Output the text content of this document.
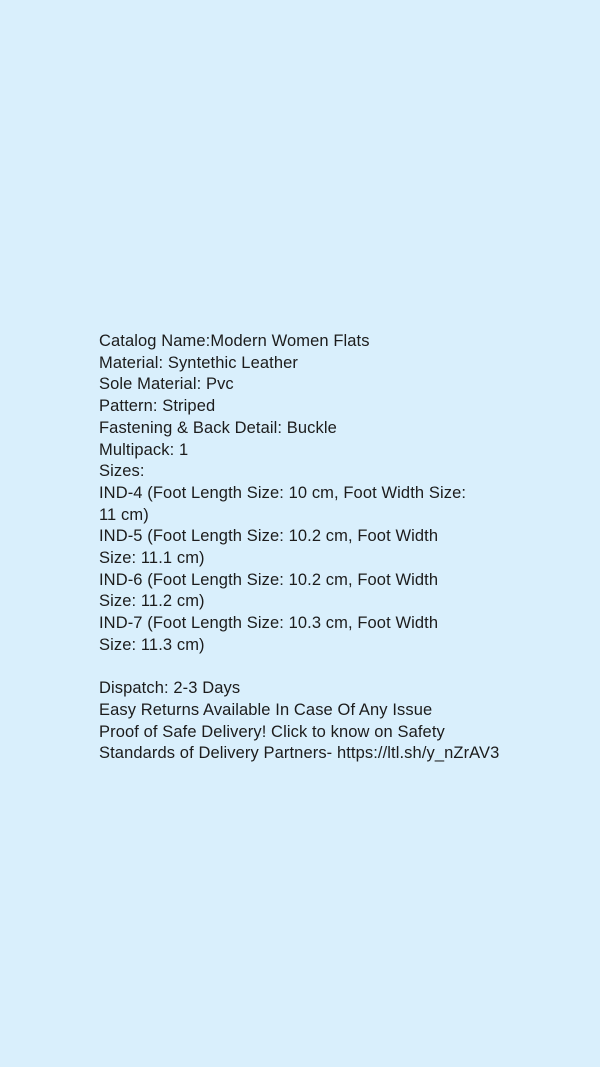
Catalog Name:Modern Women Flats
Material: Syntethic Leather
Sole Material: Pvc
Pattern: Striped
Fastening & Back Detail: Buckle
Multipack: 1
Sizes:
IND-4 (Foot Length Size: 10 cm, Foot Width Size:
11 cm)
IND-5 (Foot Length Size: 10.2 cm, Foot Width
Size: 11.1 cm)
IND-6 (Foot Length Size: 10.2 cm, Foot Width
Size: 11.2 cm)
IND-7 (Foot Length Size: 10.3 cm, Foot Width
Size: 11.3 cm)

Dispatch: 2-3 Days
Easy Returns Available In Case Of Any Issue
Proof of Safe Delivery! Click to know on Safety
Standards of Delivery Partners- https://ltl.sh/y_nZrAV3
